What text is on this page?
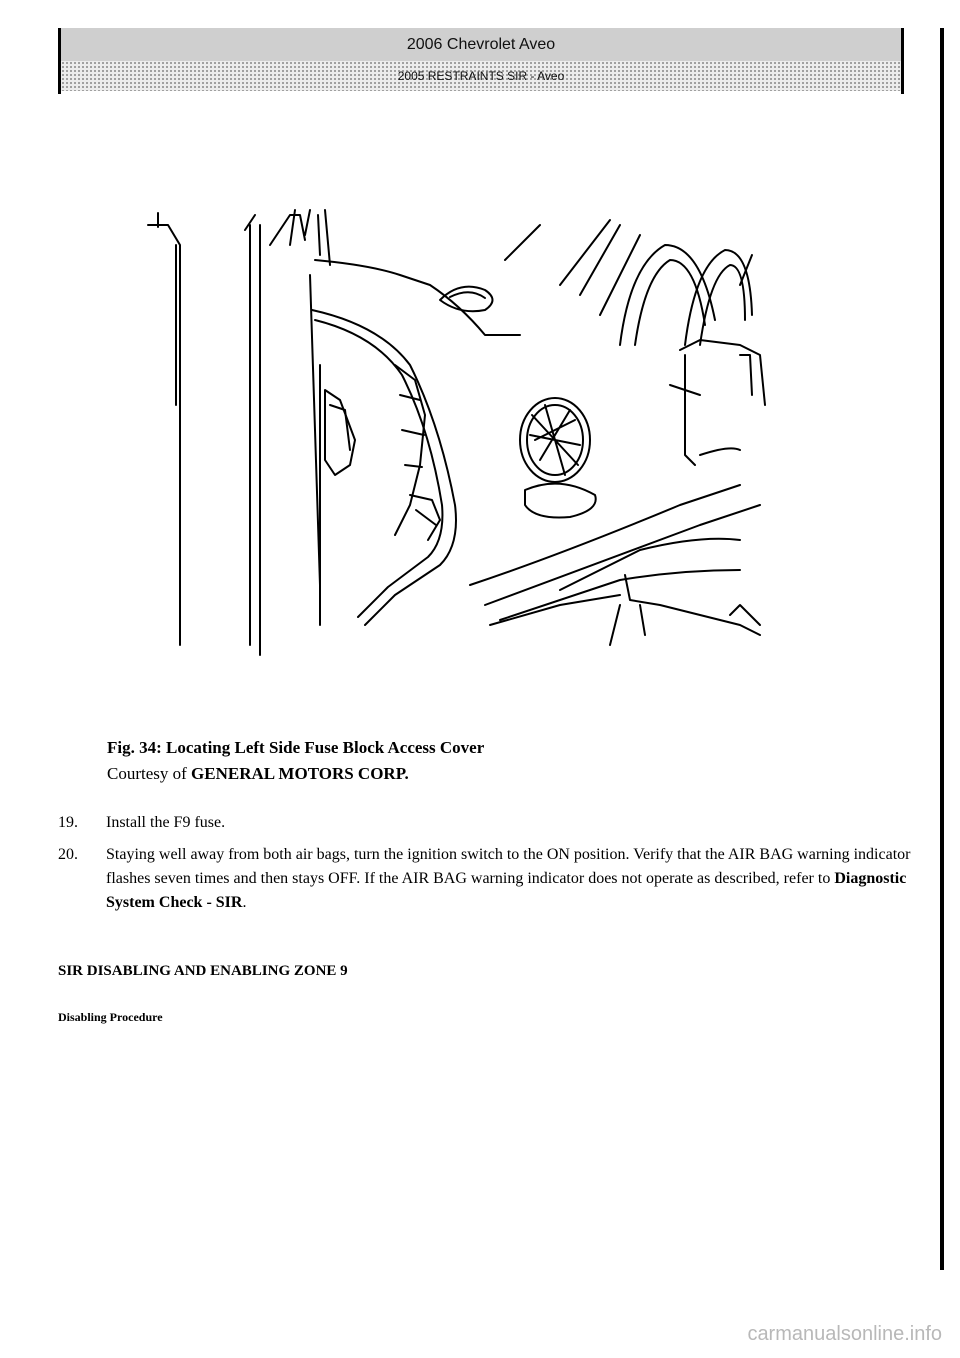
2006 Chevrolet Aveo
2005 RESTRAINTS SIR - Aveo
Fig. 34: Locating Left Side Fuse Block Access Cover
Courtesy of GENERAL MOTORS CORP.
19.	Install the F9 fuse.
20.	Staying well away from both air bags, turn the ignition switch to the ON position. Verify that the AIR BAG warning indicator flashes seven times and then stays OFF. If the AIR BAG warning indicator does not operate as described, refer to Diagnostic System Check - SIR.
SIR DISABLING AND ENABLING ZONE 9
Disabling Procedure
carmanualsonline.info
